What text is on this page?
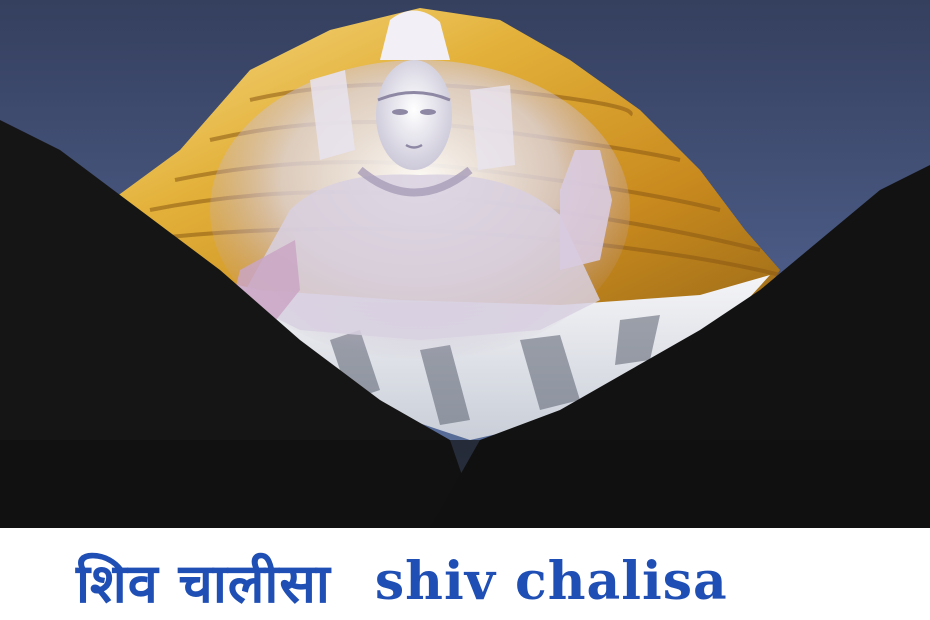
शिव चालीसा shiv chalisa
